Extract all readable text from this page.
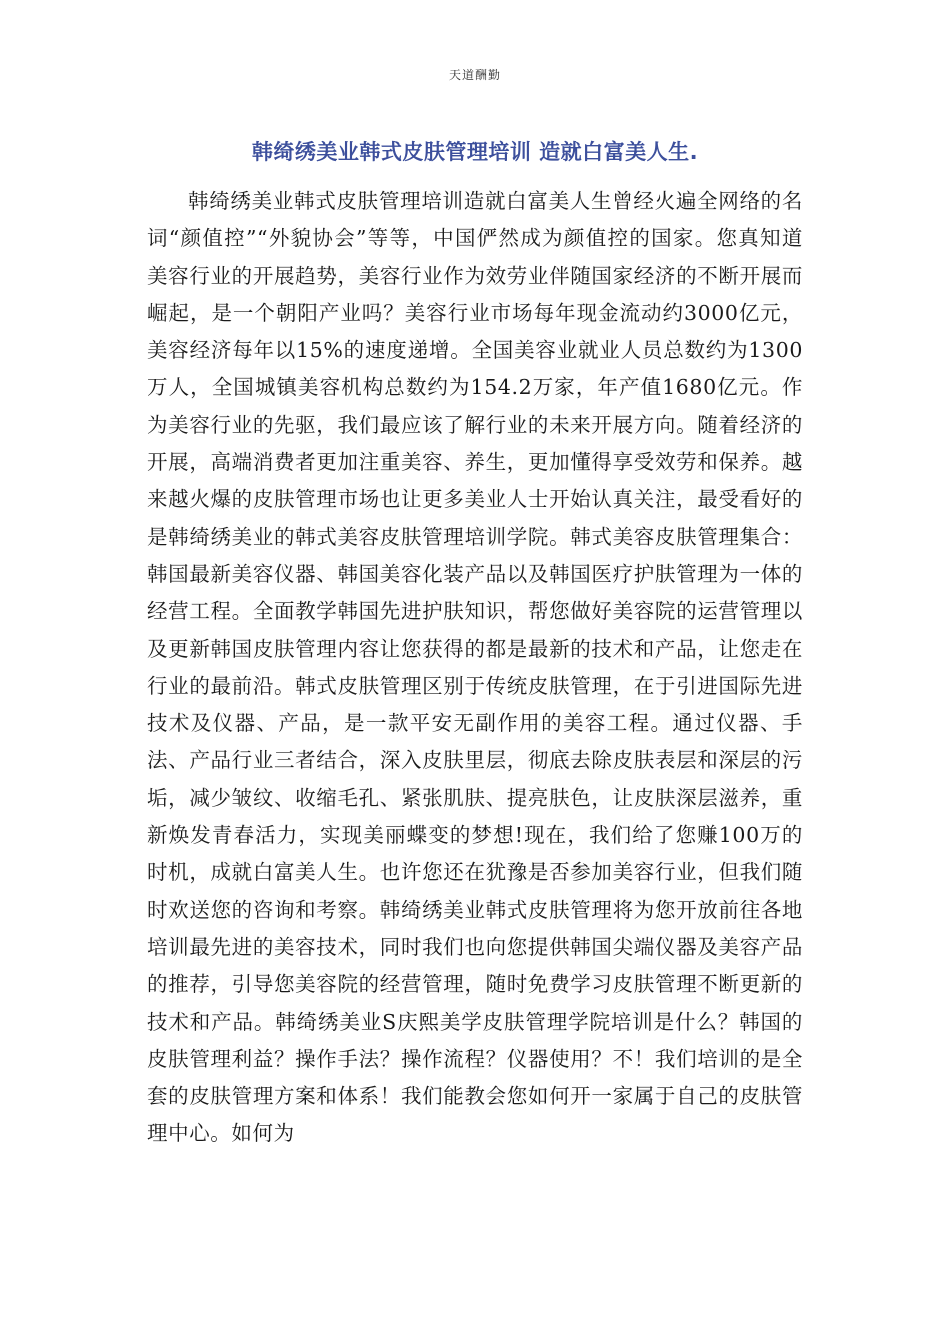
天道酬勤
韩绮绣美业韩式皮肤管理培训 造就白富美人生.

韩绮绣美业韩式皮肤管理培训造就白富美人生曾经火遍全网络的名词“颜值控”“外貌协会”等等，中国俨然成为颜值控的国家。您真知道美容行业的开展趋势，美容行业作为效劳业伴随国家经济的不断开展而崛起，是一个朝阳产业吗？美容行业市场每年现金流动约3000亿元，美容经济每年以15%的速度递增。全国美容业就业人员总数约为1300万人，全国城镇美容机构总数约为154.2万家，年产值1680亿元。作为美容行业的先驱，我们最应该了解行业的未来开展方向。随着经济的开展，高端消费者更加注重美容、养生，更加懂得享受效劳和保养。越来越火爆的皮肤管理市场也让更多美业人士开始认真关注，最受看好的是韩绮绣美业的韩式美容皮肤管理培训学院。韩式美容皮肤管理集合：韩国最新美容仪器、韩国美容化装产品以及韩国医疗护肤管理为一体的经营工程。全面教学韩国先进护肤知识，帮您做好美容院的运营管理以及更新韩国皮肤管理内容让您获得的都是最新的技术和产品，让您走在行业的最前沿。韩式皮肤管理区别于传统皮肤管理，在于引进国际先进技术及仪器、产品，是一款平安无副作用的美容工程。通过仪器、手法、产品行业三者结合，深入皮肤里层，彻底去除皮肤表层和深层的污垢，减少皱纹、收缩毛孔、紧张肌肤、提亮肤色，让皮肤深层滋养，重新焕发青春活力，实现美丽蝶变的梦想!现在，我们给了您赚100万的时机，成就白富美人生。也许您还在犹豫是否参加美容行业，但我们随时欢送您的咨询和考察。韩绮绣美业韩式皮肤管理将为您开放前往各地培训最先进的美容技术，同时我们也向您提供韩国尖端仪器及美容产品的推荐，引导您美容院的经营管理，随时免费学习皮肤管理不断更新的技术和产品。韩绮绣美业S庆熙美学皮肤管理学院培训是什么？韩国的皮肤管理利益？操作手法？操作流程？仪器使用？不！我们培训的是全套的皮肤管理方案和体系！我们能教会您如何开一家属于自己的皮肤管理中心。如何为
